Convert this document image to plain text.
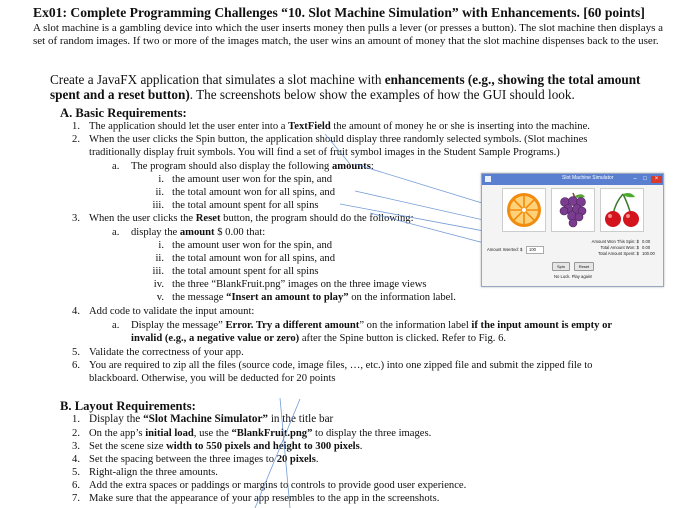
Ex01: Complete Programming Challenges “10. Slot Machine Simulation” with Enhancements. [60 points]
A slot machine is a gambling device into which the user inserts money then pulls a lever (or presses a button). The slot machine then displays a set of random images. If two or more of the images match, the user wins an amount of money that the slot machine dispenses back to the user.
Create a JavaFX application that simulates a slot machine with enhancements (e.g., showing the total amount spent and a reset button). The screenshots below show the examples of how the GUI should look.
A. Basic Requirements:
1. The application should let the user enter into a TextField the amount of money he or she is inserting into the machine.
2. When the user clicks the Spin button, the application should display three randomly selected symbols. (Slot machines
traditionally display fruit symbols. You will find a set of fruit symbol images in the Student Sample Programs.)
a. The program should also display the following amounts:
i. the amount user won for the spin, and
ii. the total amount won for all spins, and
iii. the total amount spent for all spins
3. When the user clicks the Reset button, the program should do the following:
a. display the amount $ 0.00 that:
i. the amount user won for the spin, and
ii. the total amount won for all spins, and
iii. the total amount spent for all spins
iv. the three “BlankFruit.png” images on the three image views
v. the message “Insert an amount to play” on the information label.
4. Add code to validate the input amount:
a. Display the message” Error. Try a different amount” on the information label if the input amount is empty or
invalid (e.g., a negative value or zero) after the Spine button is clicked. Refer to Fig. 6.
5. Validate the correctness of your app.
6. You are required to zip all the files (source code, image files, …, etc.) into one zipped file and submit the zipped file to
blackboard. Otherwise, you will be deducted for 20 points
B. Layout Requirements:
1. Display the “Slot Machine Simulator” in the title bar
2. On the app’s initial load, use the “BlankFruit.png” to display the three images.
3. Set the scene size width to 550 pixels and height to 300 pixels.
4. Set the spacing between the three images to 20 pixels.
5. Right-align the three amounts.
6. Add the extra spaces or paddings or margins to controls to provide good user experience.
7. Make sure that the appearance of your app resembles to the app in the screenshots.
Slot Machine Simulator	–	□	×
Amount Inserted: $ 100
Amount Won This Spin: $ 0.00
Total Amount Won: $ 0.00
Total Amount Spent: $ 100.00
Spin	Reset
No Luck. Play again!
